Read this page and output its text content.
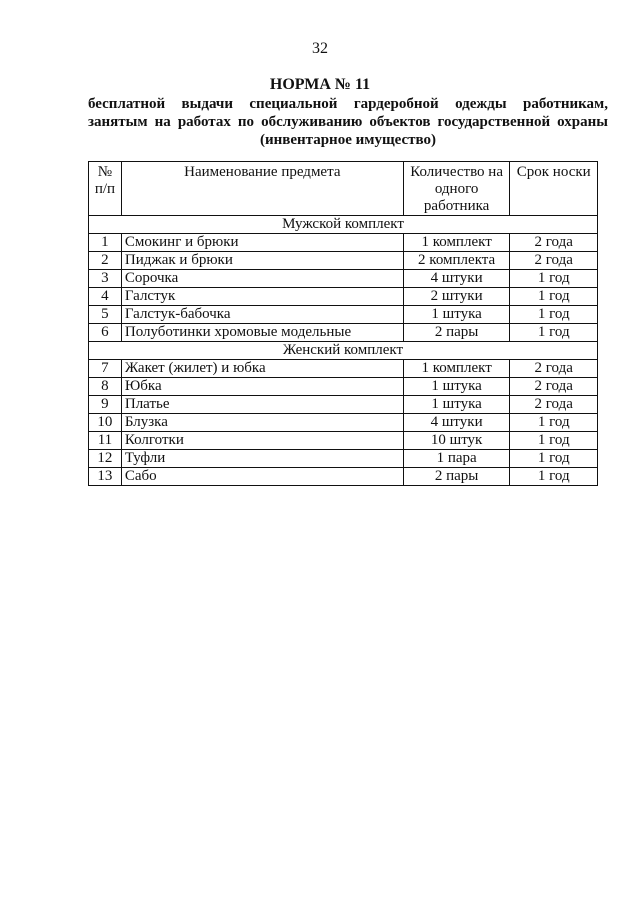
32
НОРМА № 11
бесплатной выдачи специальной гардеробной одежды работникам,
занятым на работах по обслуживанию объектов государственной охраны
(инвентарное имущество)
№ п/п	Наименование предмета	Количество на одного работника	Срок носки
Мужской комплект			
1	Смокинг и брюки	1 комплект	2 года
2	Пиджак и брюки	2 комплекта	2 года
3	Сорочка	4 штуки	1 год
4	Галстук	2 штуки	1 год
5	Галстук-бабочка	1 штука	1 год
6	Полуботинки хромовые модельные	2 пары	1 год
Женский комплект			
7	Жакет (жилет) и юбка	1 комплект	2 года
8	Юбка	1 штука	2 года
9	Платье	1 штука	2 года
10	Блузка	4 штуки	1 год
11	Колготки	10 штук	1 год
12	Туфли	1 пара	1 год
13	Сабо	2 пары	1 год
